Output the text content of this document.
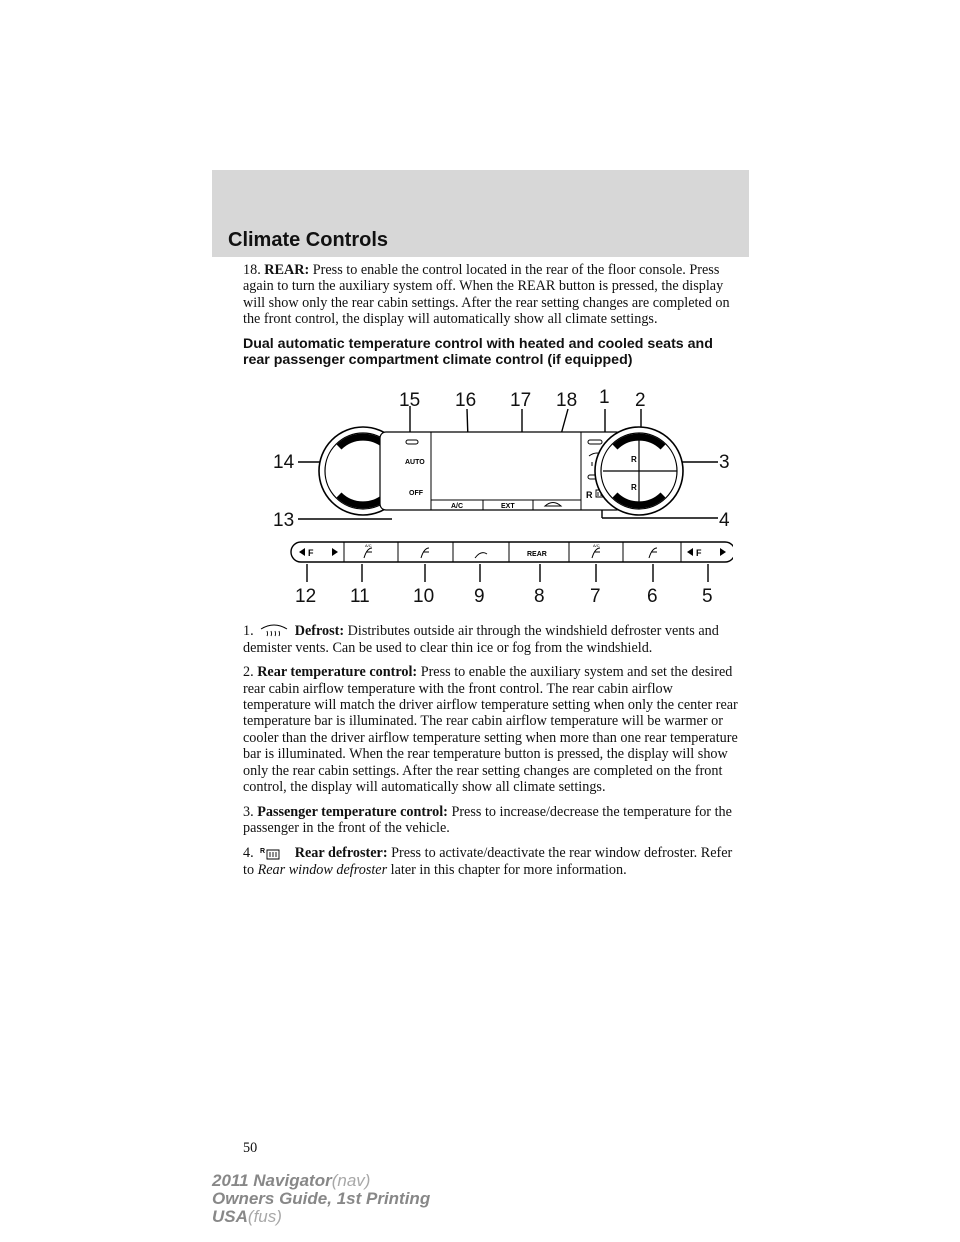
Climate Controls

18. REAR: Press to enable the control located in the rear of the floor console. Press again to turn the auxiliary system off. When the REAR button is pressed, the display will show only the rear cabin settings. After the rear setting changes are completed on the front control, the display will automatically show all climate settings.

Dual automatic temperature control with heated and cooled seats and rear passenger compartment climate control (if equipped)
AUTO
OFF
A/C	EXT
R
R
R
F
A/C
REAR
A/C
F
15 16 17 18 1 2
14	3
13	4
12 11 10 9	8 7 6 5

1.	Defrost: Distributes outside air through the windshield defroster vents and demister vents. Can be used to clear thin ice or fog from the windshield.

2. Rear temperature control: Press to enable the auxiliary system and set the desired rear cabin airflow temperature with the front control. The rear cabin airflow temperature will match the driver airflow temperature setting when only the center rear temperature bar is illuminated. The rear cabin airflow temperature will be warmer or cooler than the driver airflow temperature setting when more than one rear temperature bar is illuminated. When the rear temperature button is pressed, the display will show only the rear cabin settings. After the rear setting changes are completed on the front control, the display will automatically show all climate settings.

3. Passenger temperature control: Press to increase/decrease the temperature for the passenger in the front of the vehicle.

4. R Rear defroster: Press to activate/deactivate the rear window defroster. Refer to Rear window defroster later in this chapter for more information.

50
2011 Navigator(nav)
Owners Guide, 1st Printing
USA(fus)
